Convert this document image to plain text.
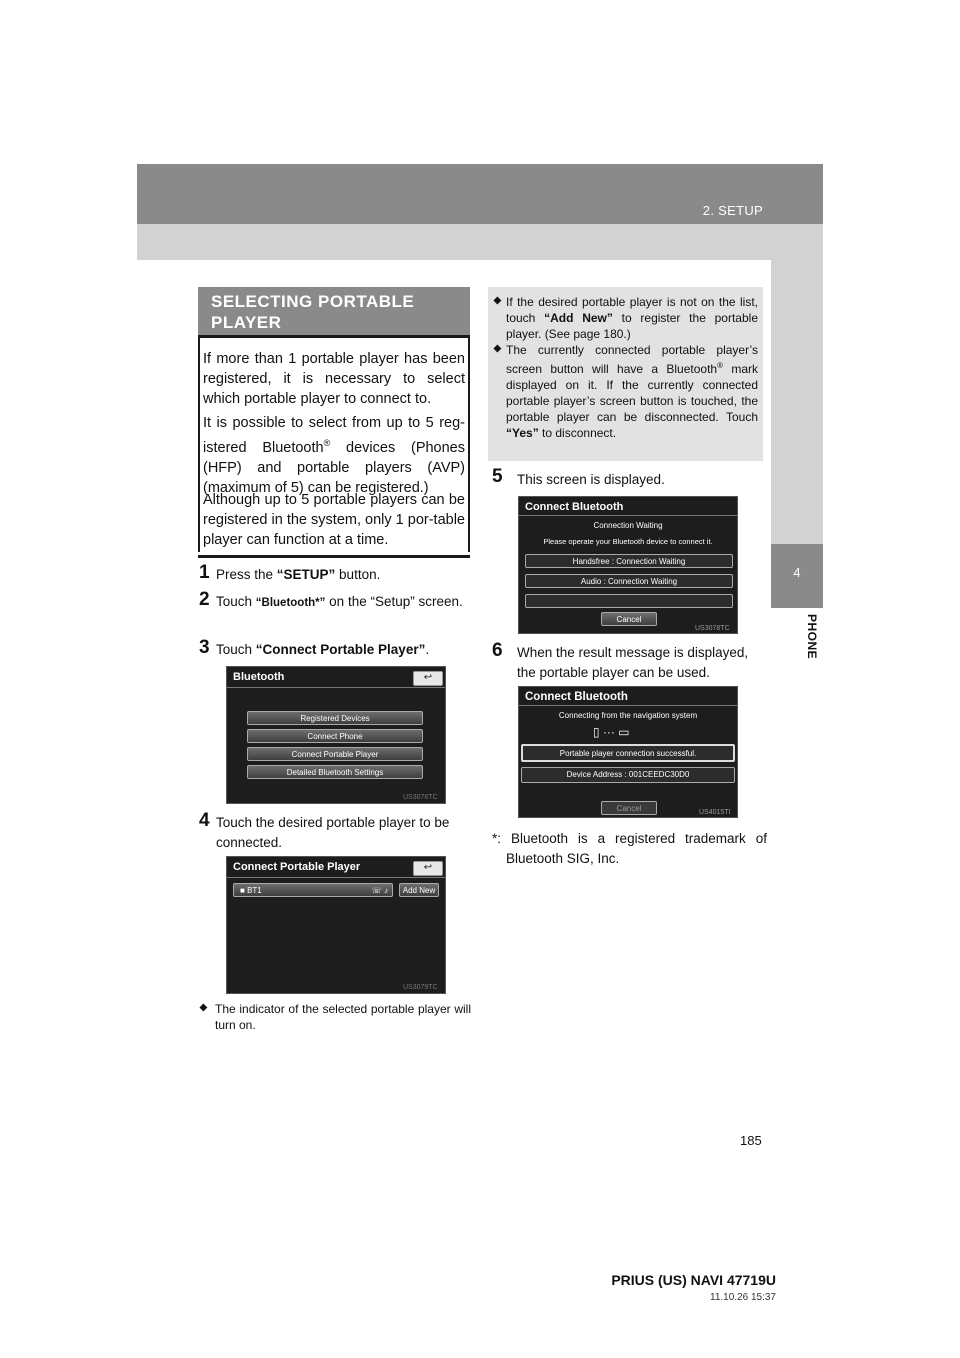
2. SETUP
4
PHONE
SELECTING PORTABLE PLAYER
If more than 1 portable player has been registered, it is necessary to select which portable player to connect to.
It is possible to select from up to 5 reg-istered Bluetooth® devices (Phones (HFP) and portable players (AVP) (maximum of 5) can be registered.)
Although up to 5 portable players can be registered in the system, only 1 por-table player can function at a time.
1 Press the “SETUP” button.
2 Touch “Bluetooth*” on the “Setup” screen.
3 Touch “Connect Portable Player”.
Bluetooth	↩
Registered Devices
Connect Phone
Connect Portable Player
Detailed Bluetooth Settings
US3076TC
4 Touch the desired portable player to be connected.
Connect Portable Player	↩
■ BT1	☏ ♪	Add New
US3079TC
⯁ The indicator of the selected portable player will turn on.
⯁ If the desired portable player is not on the list, touch “Add New” to register the portable player. (See page 180.)
⯁ The currently connected portable player’s screen button will have a Bluetooth® mark displayed on it. If the currently connected portable player’s screen button is touched, the portable player can be disconnected. Touch “Yes” to disconnect.
5 This screen is displayed.
Connect Bluetooth
Connection Waiting
Please operate your Bluetooth device to connect it.
Handsfree : Connection Waiting
Audio : Connection Waiting
Cancel
US3078TC
6 When the result message is displayed, the portable player can be used.
Connect Bluetooth
Connecting from the navigation system
▯ ··· ▭
Portable player connection successful.
Device Address : 001CEEDC30D0
Cancel	US4015TI
*: Bluetooth is a registered trademark of Bluetooth SIG, Inc.
185
PRIUS (US) NAVI 47719U
11.10.26 15:37
